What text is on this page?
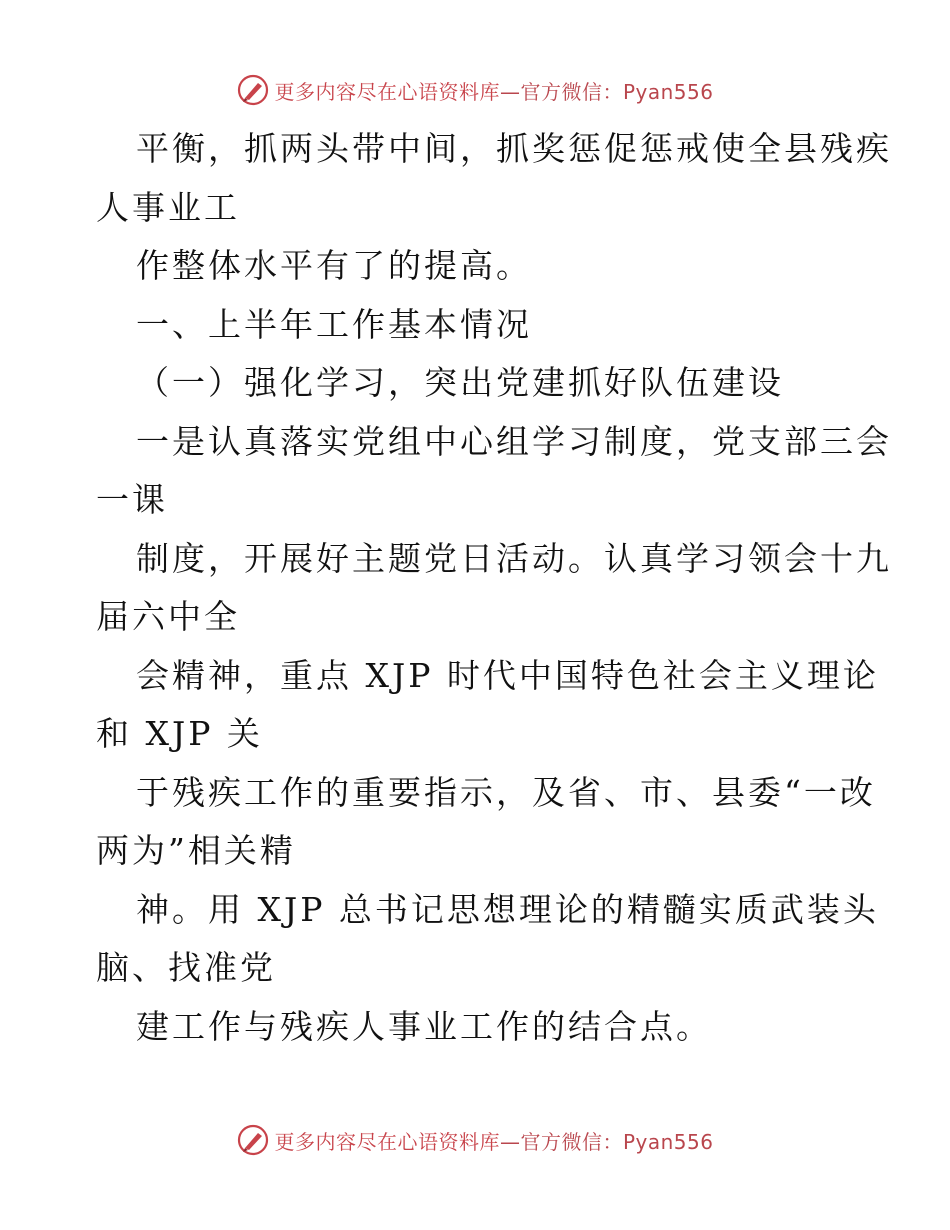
更多内容尽在心语资料库 —官方微信：Pyan556
平衡，抓两头带中间，抓奖惩促惩戒使全县残疾
人事业工
作整体水平有了的提高。
一、上半年工作基本情况
（一）强化学习，突出党建抓好队伍建设
一是认真落实党组中心组学习制度，党支部三会
一课
制度，开展好主题党日活动。认真学习领会十九
届六中全
会精神，重点 XJP 时代中国特色社会主义理论
和 XJP 关
于残疾工作的重要指示，及省、市、县委“一改
两为”相关精
神。用 XJP 总书记思想理论的精髓实质武装头
脑、找准党
建工作与残疾人事业工作的结合点。
更多内容尽在心语资料库 —官方微信：Pyan556
